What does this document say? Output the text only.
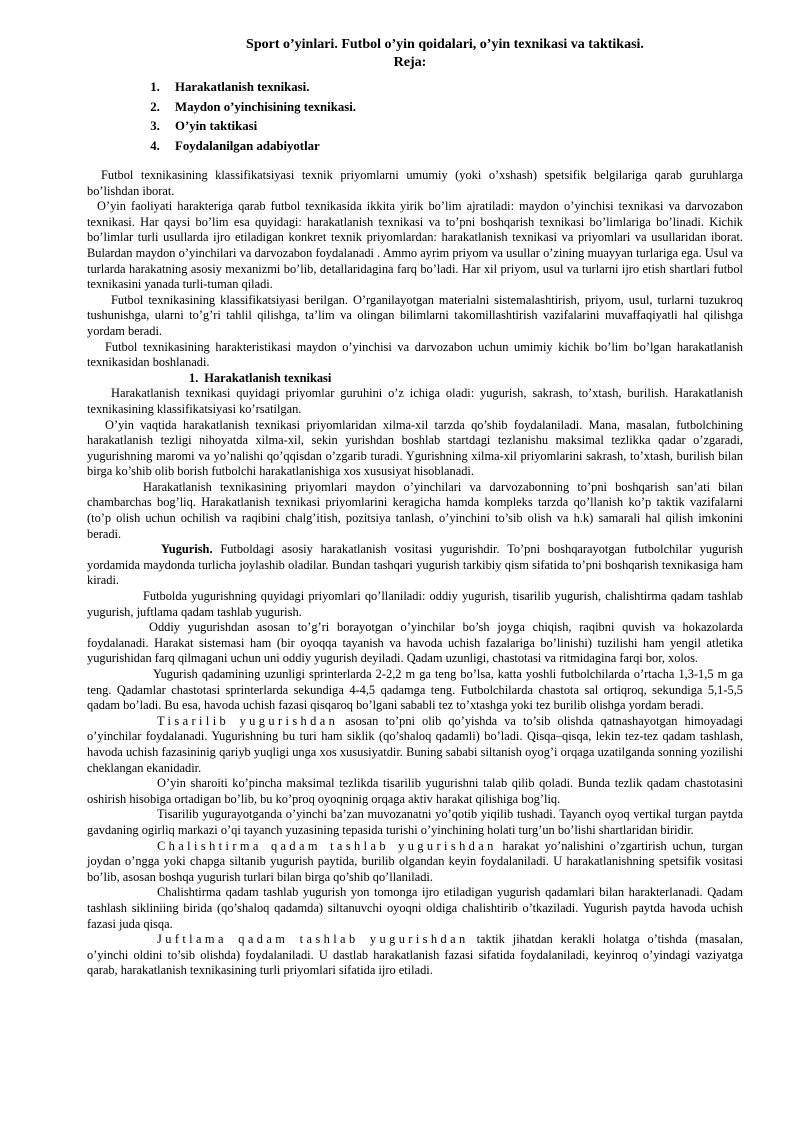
Sport o’yinlari. Futbol o’yin qoidalari, o’yin texnikasi va taktikasi.
Reja:
1. Harakatlanish texnikasi.
2. Maydon o’yinchisining texnikasi.
3. O’yin taktikasi
4. Foydalanilgan adabiyotlar

Futbol texnikasining klassifikatsiyasi texnik priyomlarni umumiy (yoki o’xshash) spetsifik belgilariga qarab guruhlarga bo’lishdan iborat.

O’yin faoliyati harakteriga qarab futbol texnikasida ikkita yirik bo’lim ajratiladi: maydon o’yinchisi texnikasi va darvozabon texnikasi. Har qaysi bo’lim esa quyidagi: harakatlanish texnikasi va to’pni boshqarish texnikasi bo’limlariga bo’linadi. Kichik bo’limlar turli usullarda ijro etiladigan konkret texnik priyomlardan: harakatlanish texnikasi va priyomlari va usullaridan iborat. Bulardan maydon o’yinchilari va darvozabon foydalanadi . Ammo ayrim priyom va usullar o’zining muayyan turlariga ega. Usul va turlarda harakatning asosiy mexanizmi bo’lib, detallaridagina farq bo’ladi. Har xil priyom, usul va turlarni ijro etish shartlari futbol texnikasini yanada turli-tuman qiladi.

Futbol texnikasining klassifikatsiyasi berilgan. O’rganilayotgan materialni sistemalashtirish, priyom, usul, turlarni tuzukroq tushunishga, ularni to’g’ri tahlil qilishga, ta’lim va olingan bilimlarni takomillashtirish vazifalarini muvaffaqiyatli hal qilishga yordam beradi.

Futbol texnikasining harakteristikasi maydon o’yinchisi va darvozabon uchun umimiy kichik bo’lim bo’lgan harakatlanish texnikasidan boshlanadi.

1. Harakatlanish texnikasi

Harakatlanish texnikasi quyidagi priyomlar guruhini o’z ichiga oladi: yugurish, sakrash, to’xtash, burilish. Harakatlanish texnikasining klassifikatsiyasi ko’rsatilgan.

O’yin vaqtida harakatlanish texnikasi priyomlaridan xilma-xil tarzda qo’shib foydalaniladi. Mana, masalan, futbolchining harakatlanish tezligi nihoyatda xilma-xil, sekin yurishdan boshlab startdagi tezlanishu maksimal tezlikka qadar o’zgaradi, yugurishning maromi va yo’nalishi qo’qqisdan o’zgarib turadi. Ygurishning xilma-xil priyomlarini sakrash, to’xtash, burilish bilan birga ko’shib olib borish futbolchi harakatlanishiga xos xususiyat hisoblanadi.

Harakatlanish texnikasining priyomlari maydon o’yinchilari va darvozabonning to’pni boshqarish san’ati bilan chambarchas bog’liq. Harakatlanish texnikasi priyomlarini keragicha hamda kompleks tarzda qo’llanish ko’p taktik vazifalarni (to’p olish uchun ochilish va raqibini chalg’itish, pozitsiya tanlash, o’yinchini to’sib olish va h.k) samarali hal qilish imkonini beradi.

Yugurish. Futboldagi asosiy harakatlanish vositasi yugurishdir. To’pni boshqarayotgan futbolchilar yugurish yordamida maydonda turlicha joylashib oladilar. Bundan tashqari yugurish tarkibiy qism sifatida to’pni boshqarish texnikasiga ham kiradi.

Futbolda yugurishning quyidagi priyomlari qo’llaniladi: oddiy yugurish, tisarilib yugurish, chalishtirma qadam tashlab yugurish, juftlama qadam tashlab yugurish.

Oddiy yugurishdan asosan to’g’ri borayotgan o’yinchilar bo’sh joyga chiqish, raqibni quvish va hokazolarda foydalanadi. Harakat sistemasi ham (bir oyoqqa tayanish va havoda uchish fazalariga bo’linishi) tuzilishi ham yengil atletika yugurishidan farq qilmagani uchun uni oddiy yugurish deyiladi. Qadam uzunligi, chastotasi va ritmidagina farqi bor, xolos.

Yugurish qadamining uzunligi sprinterlarda 2-2,2 m ga teng bo’lsa, katta yoshli futbolchilarda o’rtacha 1,3-1,5 m ga teng. Qadamlar chastotasi sprinterlarda sekundiga 4-4,5 qadamga teng. Futbolchilarda chastota sal ortiqroq, sekundiga 5,1-5,5 qadam bo’ladi. Bu esa, havoda uchish fazasi qisqaroq bo’lgani sababli tez to’xtashga yoki tez burilib olishga yordam beradi.

Tisarilib yugurishdan asosan to’pni olib qo’yishda va to’sib olishda qatnashayotgan himoyadagi o’yinchilar foydalanadi. Yugurishning bu turi ham siklik (qo’shaloq qadamli) bo’ladi. Qisqa–qisqa, lekin tez-tez qadam tashlash, havoda uchish fazasininig qariyb yuqligi unga xos xususiyatdir. Buning sababi siltanish oyog’i orqaga uzatilganda sonning yozilishi cheklangan ekanidadir.

O’yin sharoiti ko’pincha maksimal tezlikda tisarilib yugurishni talab qilib qoladi. Bunda tezlik qadam chastotasini oshirish hisobiga ortadigan bo’lib, bu ko’proq oyoqninig orqaga aktiv harakat qilishiga bog’liq.

Tisarilib yugurayotganda o’yinchi ba’zan muvozanatni yo’qotib yiqilib tushadi. Tayanch oyoq vertikal turgan paytda gavdaning ogirliq markazi o’qi tayanch yuzasining tepasida turishi o’yinchining holati turg’un bo’lishi shartlaridan biridir.

Chalishtirma qadam tashlab yugurishdan harakat yo’nalishini o’zgartirish uchun, turgan joydan o’ngga yoki chapga siltanib yugurish paytida, burilib olgandan keyin foydalaniladi. U harakatlanishning spetsifik vositasi bo’lib, asosan boshqa yugurish turlari bilan birga qo’shib qo’llaniladi.

Chalishtirma qadam tashlab yugurish yon tomonga ijro etiladigan yugurish qadamlari bilan harakterlanadi. Qadam tashlash sikliniing birida (qo’shaloq qadamda) siltanuvchi oyoqni oldiga chalishtirib o’tkaziladi. Yugurish paytda havoda uchish fazasi juda qisqa.

Juftlama qadam tashlab yugurishdan taktik jihatdan kerakli holatga o’tishda (masalan, o’yinchi oldini to’sib olishda) foydalaniladi. U dastlab harakatlanish fazasi sifatida foydalaniladi, keyinroq o’yindagi vaziyatga qarab, harakatlanish texnikasining turli priyomlari sifatida ijro etiladi.
